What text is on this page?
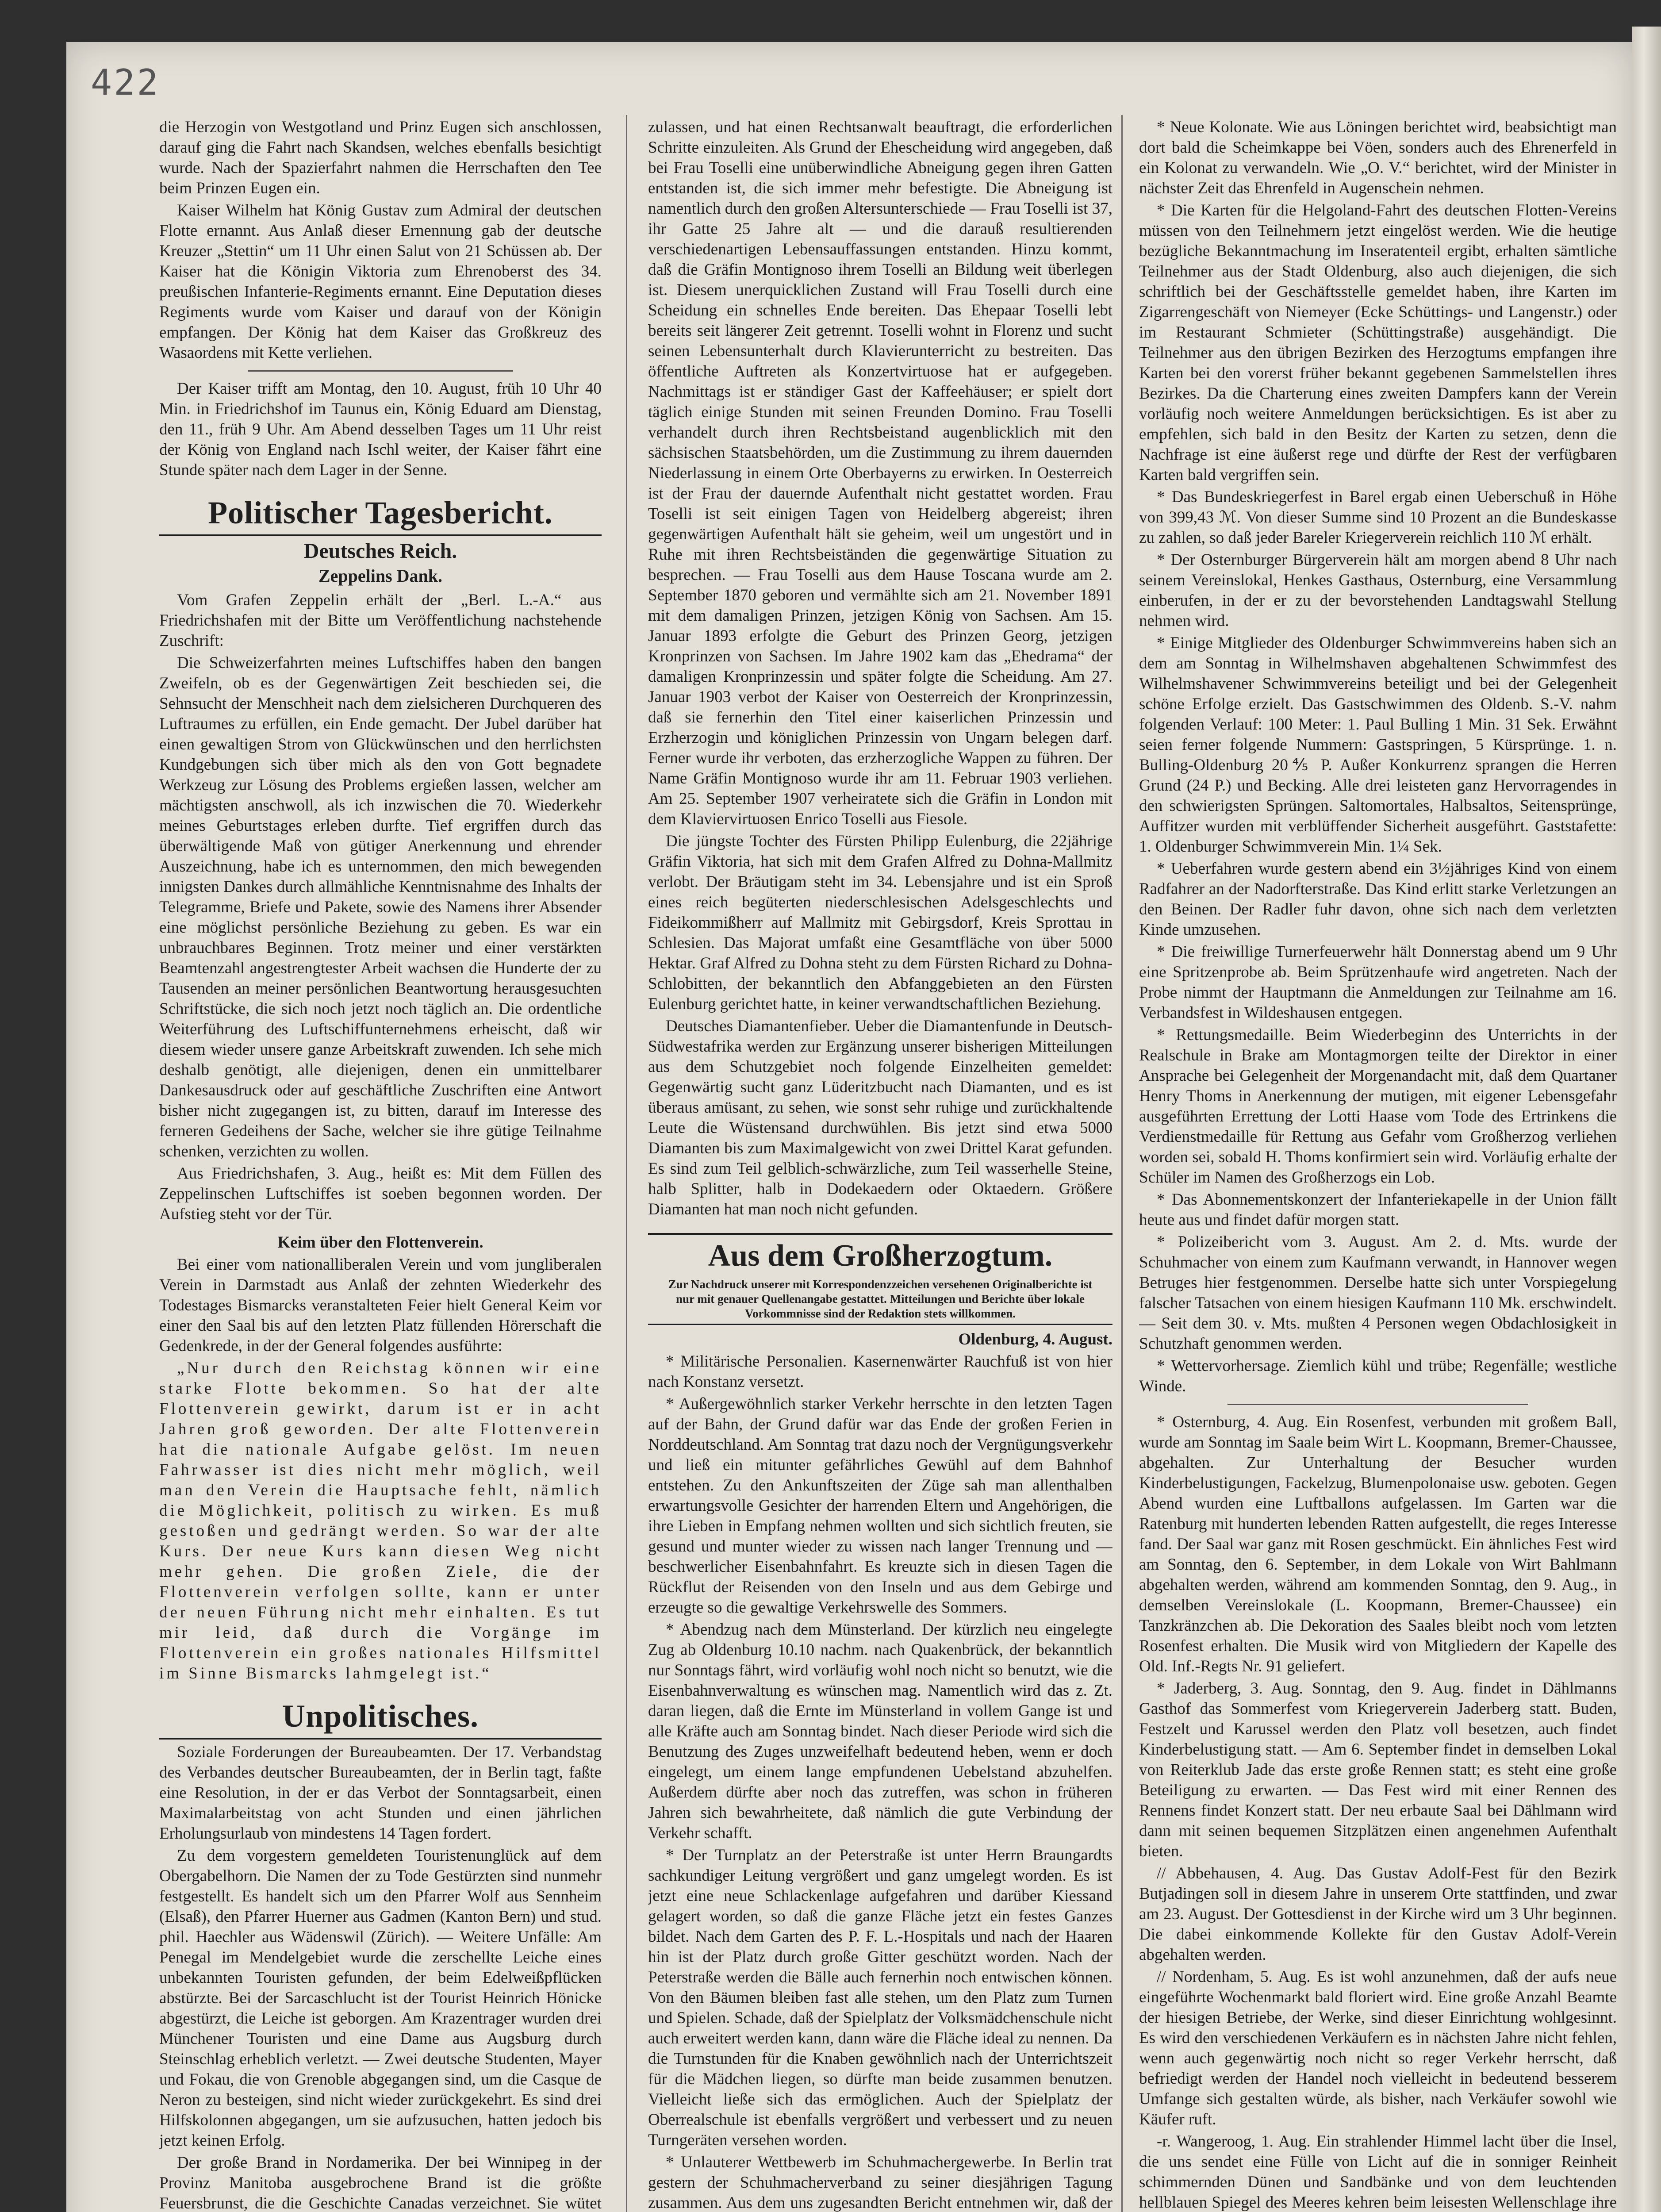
422

die Herzogin von Westgotland und Prinz Eugen sich anschlossen, darauf ging die Fahrt nach Skandsen, welches ebenfalls besichtigt wurde. Nach der Spazierfahrt nahmen die Herrschaften den Tee beim Prinzen Eugen ein.

Kaiser Wilhelm hat König Gustav zum Admiral der deutschen Flotte ernannt. Aus Anlaß dieser Ernennung gab der deutsche Kreuzer „Stettin“ um 11 Uhr einen Salut von 21 Schüssen ab. Der Kaiser hat die Königin Viktoria zum Ehrenoberst des 34. preußischen Infanterie-Regiments ernannt. Eine Deputation dieses Regiments wurde vom Kaiser und darauf von der Königin empfangen. Der König hat dem Kaiser das Großkreuz des Wasaordens mit Kette verliehen.

Der Kaiser trifft am Montag, den 10. August, früh 10 Uhr 40 Min. in Friedrichshof im Taunus ein, König Eduard am Dienstag, den 11., früh 9 Uhr. Am Abend desselben Tages um 11 Uhr reist der König von England nach Ischl weiter, der Kaiser fährt eine Stunde später nach dem Lager in der Senne.

Politischer Tagesbericht.
Deutsches Reich.
Zeppelins Dank.

Vom Grafen Zeppelin erhält der „Berl. L.-A.“ aus Friedrichshafen mit der Bitte um Veröffentlichung nachstehende Zuschrift:

Die Schweizerfahrten meines Luftschiffes haben den bangen Zweifeln, ob es der Gegenwärtigen Zeit beschieden sei, die Sehnsucht der Menschheit nach dem zielsicheren Durchqueren des Luftraumes zu erfüllen, ein Ende gemacht. Der Jubel darüber hat einen gewaltigen Strom von Glückwünschen und den herrlichsten Kundgebungen sich über mich als den von Gott begnadete Werkzeug zur Lösung des Problems ergießen lassen, welcher am mächtigsten anschwoll, als ich inzwischen die 70. Wiederkehr meines Geburtstages erleben durfte. Tief ergriffen durch das überwältigende Maß von gütiger Anerkennung und ehrender Auszeichnung, habe ich es unternommen, den mich bewegenden innigsten Dankes durch allmähliche Kenntnisnahme des Inhalts der Telegramme, Briefe und Pakete, sowie des Namens ihrer Absender eine möglichst persönliche Beziehung zu geben. Es war ein unbrauchbares Beginnen. Trotz meiner und einer verstärkten Beamtenzahl angestrengtester Arbeit wachsen die Hunderte der zu Tausenden an meiner persönlichen Beantwortung herausgesuchten Schriftstücke, die sich noch jetzt noch täglich an. Die ordentliche Weiterführung des Luftschiffunternehmens erheischt, daß wir diesem wieder unsere ganze Arbeitskraft zuwenden. Ich sehe mich deshalb genötigt, alle diejenigen, denen ein unmittelbarer Dankesausdruck oder auf geschäftliche Zuschriften eine Antwort bisher nicht zugegangen ist, zu bitten, darauf im Interesse des ferneren Gedeihens der Sache, welcher sie ihre gütige Teilnahme schenken, verzichten zu wollen.

Aus Friedrichshafen, 3. Aug., heißt es: Mit dem Füllen des Zeppelinschen Luftschiffes ist soeben begonnen worden. Der Aufstieg steht vor der Tür.

Keim über den Flottenverein.

Bei einer vom nationalliberalen Verein und vom jungliberalen Verein in Darmstadt aus Anlaß der zehnten Wiederkehr des Todestages Bismarcks veranstalteten Feier hielt General Keim vor einer den Saal bis auf den letzten Platz füllenden Hörerschaft die Gedenkrede, in der der General folgendes ausführte:

„Nur durch den Reichstag können wir eine starke Flotte bekommen. So hat der alte Flottenverein gewirkt, darum ist er in acht Jahren groß geworden. Der alte Flottenverein hat die nationale Aufgabe gelöst. Im neuen Fahrwasser ist dies nicht mehr möglich, weil man den Verein die Hauptsache fehlt, nämlich die Möglichkeit, politisch zu wirken. Es muß gestoßen und gedrängt werden. So war der alte Kurs. Der neue Kurs kann diesen Weg nicht mehr gehen. Die großen Ziele, die der Flottenverein verfolgen sollte, kann er unter der neuen Führung nicht mehr einhalten. Es tut mir leid, daß durch die Vorgänge im Flottenverein ein großes nationales Hilfsmittel im Sinne Bismarcks lahmgelegt ist.“

Unpolitisches.

Soziale Forderungen der Bureaubeamten. Der 17. Verbandstag des Verbandes deutscher Bureaubeamten, der in Berlin tagt, faßte eine Resolution, in der er das Verbot der Sonntagsarbeit, einen Maximalarbeitstag von acht Stunden und einen jährlichen Erholungsurlaub von mindestens 14 Tagen fordert.

Zu dem vorgestern gemeldeten Touristenunglück auf dem Obergabelhorn. Die Namen der zu Tode Gestürzten sind nunmehr festgestellt. Es handelt sich um den Pfarrer Wolf aus Sennheim (Elsaß), den Pfarrer Huerner aus Gadmen (Kanton Bern) und stud. phil. Haechler aus Wädenswil (Zürich). — Weitere Unfälle: Am Penegal im Mendelgebiet wurde die zerschellte Leiche eines unbekannten Touristen gefunden, der beim Edelweißpflücken abstürzte. Bei der Sarcaschlucht ist der Tourist Heinrich Hönicke abgestürzt, die Leiche ist geborgen. Am Krazentrager wurden drei Münchener Touristen und eine Dame aus Augsburg durch Steinschlag erheblich verletzt. — Zwei deutsche Studenten, Mayer und Fokau, die von Grenoble abgegangen sind, um die Casque de Neron zu besteigen, sind nicht wieder zurückgekehrt. Es sind drei Hilfskolonnen abgegangen, um sie aufzusuchen, hatten jedoch bis jetzt keinen Erfolg.

Der große Brand in Nordamerika. Der bei Winnipeg in der Provinz Manitoba ausgebrochene Brand ist die größte Feuersbrunst, die die Geschichte Canadas verzeichnet. Sie wütet

zulassen, und hat einen Rechtsanwalt beauftragt, die erforderlichen Schritte einzuleiten. Als Grund der Ehescheidung wird angegeben, daß bei Frau Toselli eine unüberwindliche Abneigung gegen ihren Gatten entstanden ist, die sich immer mehr befestigte. Die Abneigung ist namentlich durch den großen Altersunterschiede — Frau Toselli ist 37, ihr Gatte 25 Jahre alt — und die darauß resultierenden verschiedenartigen Lebensauffassungen entstanden. Hinzu kommt, daß die Gräfin Montignoso ihrem Toselli an Bildung weit überlegen ist. Diesem unerquicklichen Zustand will Frau Toselli durch eine Scheidung ein schnelles Ende bereiten. Das Ehepaar Toselli lebt bereits seit längerer Zeit getrennt. Toselli wohnt in Florenz und sucht seinen Lebensunterhalt durch Klavierunterricht zu bestreiten. Das öffentliche Auftreten als Konzertvirtuose hat er aufgegeben. Nachmittags ist er ständiger Gast der Kaffeehäuser; er spielt dort täglich einige Stunden mit seinen Freunden Domino. Frau Toselli verhandelt durch ihren Rechtsbeistand augenblicklich mit den sächsischen Staatsbehörden, um die Zustimmung zu ihrem dauernden Niederlassung in einem Orte Oberbayerns zu erwirken. In Oesterreich ist der Frau der dauernde Aufenthalt nicht gestattet worden. Frau Toselli ist seit einigen Tagen von Heidelberg abgereist; ihren gegenwärtigen Aufenthalt hält sie geheim, weil um ungestört und in Ruhe mit ihren Rechtsbeiständen die gegenwärtige Situation zu besprechen. — Frau Toselli aus dem Hause Toscana wurde am 2. September 1870 geboren und vermählte sich am 21. November 1891 mit dem damaligen Prinzen, jetzigen König von Sachsen. Am 15. Januar 1893 erfolgte die Geburt des Prinzen Georg, jetzigen Kronprinzen von Sachsen. Im Jahre 1902 kam das „Ehedrama“ der damaligen Kronprinzessin und später folgte die Scheidung. Am 27. Januar 1903 verbot der Kaiser von Oesterreich der Kronprinzessin, daß sie fernerhin den Titel einer kaiserlichen Prinzessin und Erzherzogin und königlichen Prinzessin von Ungarn belegen darf. Ferner wurde ihr verboten, das erzherzogliche Wappen zu führen. Der Name Gräfin Montignoso wurde ihr am 11. Februar 1903 verliehen. Am 25. September 1907 verheiratete sich die Gräfin in London mit dem Klaviervirtuosen Enrico Toselli aus Fiesole.

Die jüngste Tochter des Fürsten Philipp Eulenburg, die 22jährige Gräfin Viktoria, hat sich mit dem Grafen Alfred zu Dohna-Mallmitz verlobt. Der Bräutigam steht im 34. Lebensjahre und ist ein Sproß eines reich begüterten niederschlesischen Adelsgeschlechts und Fideikommißherr auf Mallmitz mit Gebirgsdorf, Kreis Sprottau in Schlesien. Das Majorat umfaßt eine Gesamtfläche von über 5000 Hektar. Graf Alfred zu Dohna steht zu dem Fürsten Richard zu Dohna-Schlobitten, der bekanntlich den Abfanggebieten an den Fürsten Eulenburg gerichtet hatte, in keiner verwandtschaftlichen Beziehung.

Deutsches Diamantenfieber. Ueber die Diamantenfunde in Deutsch-Südwestafrika werden zur Ergänzung unserer bisherigen Mitteilungen aus dem Schutzgebiet noch folgende Einzelheiten gemeldet: Gegenwärtig sucht ganz Lüderitzbucht nach Diamanten, und es ist überaus amüsant, zu sehen, wie sonst sehr ruhige und zurückhaltende Leute die Wüstensand durchwühlen. Bis jetzt sind etwa 5000 Diamanten bis zum Maximalgewicht von zwei Drittel Karat gefunden. Es sind zum Teil gelblich-schwärzliche, zum Teil wasserhelle Steine, halb Splitter, halb in Dodekaedern oder Oktaedern. Größere Diamanten hat man noch nicht gefunden.

Aus dem Großherzogtum.
Zur Nachdruck unserer mit Korrespondenzzeichen versehenen Originalberichte ist nur mit genauer Quellenangabe gestattet. Mitteilungen und Berichte über lokale Vorkommnisse sind der Redaktion stets willkommen.
Oldenburg, 4. August.

* Militärische Personalien. Kasernenwärter Rauchfuß ist von hier nach Konstanz versetzt.

* Außergewöhnlich starker Verkehr herrschte in den letzten Tagen auf der Bahn, der Grund dafür war das Ende der großen Ferien in Norddeutschland. Am Sonntag trat dazu noch der Vergnügungsverkehr und ließ ein mitunter gefährliches Gewühl auf dem Bahnhof entstehen. Zu den Ankunftszeiten der Züge sah man allenthalben erwartungsvolle Gesichter der harrenden Eltern und Angehörigen, die ihre Lieben in Empfang nehmen wollten und sich sichtlich freuten, sie gesund und munter wieder zu wissen nach langer Trennung und — beschwerlicher Eisenbahnfahrt. Es kreuzte sich in diesen Tagen die Rückflut der Reisenden von den Inseln und aus dem Gebirge und erzeugte so die gewaltige Verkehrswelle des Sommers.

* Abendzug nach dem Münsterland. Der kürzlich neu eingelegte Zug ab Oldenburg 10.10 nachm. nach Quakenbrück, der bekanntlich nur Sonntags fährt, wird vorläufig wohl noch nicht so benutzt, wie die Eisenbahnverwaltung es wünschen mag. Namentlich wird das z. Zt. daran liegen, daß die Ernte im Münsterland in vollem Gange ist und alle Kräfte auch am Sonntag bindet. Nach dieser Periode wird sich die Benutzung des Zuges unzweifelhaft bedeutend heben, wenn er doch eingelegt, um einem lange empfundenen Uebelstand abzuhelfen. Außerdem dürfte aber noch das zutreffen, was schon in früheren Jahren sich bewahrheitete, daß nämlich die gute Verbindung der Verkehr schafft.

* Der Turnplatz an der Peterstraße ist unter Herrn Braungardts sachkundiger Leitung vergrößert und ganz umgelegt worden. Es ist jetzt eine neue Schlackenlage aufgefahren und darüber Kiessand gelagert worden, so daß die ganze Fläche jetzt ein festes Ganzes bildet. Nach dem Garten des P. F. L.-Hospitals und nach der Haaren hin ist der Platz durch große Gitter geschützt worden. Nach der Peterstraße werden die Bälle auch fernerhin noch entwischen können. Von den Bäumen bleiben fast alle stehen, um den Platz zum Turnen und Spielen. Schade, daß der Spielplatz der Volksmädchenschule nicht auch erweitert werden kann, dann wäre die Fläche ideal zu nennen. Da die Turnstunden für die Knaben gewöhnlich nach der Unterrichtszeit für die Mädchen liegen, so dürfte man beide zusammen benutzen. Vielleicht ließe sich das ermöglichen. Auch der Spielplatz der Oberrealschule ist ebenfalls vergrößert und verbessert und zu neuen Turngeräten versehen worden.

* Unlauterer Wettbewerb im Schuhmachergewerbe. In Berlin trat gestern der Schuhmacherverband zu seiner diesjährigen Tagung zusammen. Aus dem uns zugesandten Bericht entnehmen wir, daß der

* Neue Kolonate. Wie aus Löningen berichtet wird, beabsichtigt man dort bald die Scheimkappe bei Vöen, sonders auch des Ehrenerfeld in ein Kolonat zu verwandeln. Wie „O. V.“ berichtet, wird der Minister in nächster Zeit das Ehrenfeld in Augenschein nehmen.

* Die Karten für die Helgoland-Fahrt des deutschen Flotten-Vereins müssen von den Teilnehmern jetzt eingelöst werden. Wie die heutige bezügliche Bekanntmachung im Inseratenteil ergibt, erhalten sämtliche Teilnehmer aus der Stadt Oldenburg, also auch diejenigen, die sich schriftlich bei der Geschäftsstelle gemeldet haben, ihre Karten im Zigarrengeschäft von Niemeyer (Ecke Schüttings- und Langenstr.) oder im Restaurant Schmieter (Schüttingstraße) ausgehändigt. Die Teilnehmer aus den übrigen Bezirken des Herzogtums empfangen ihre Karten bei den vorerst früher bekannt gegebenen Sammelstellen ihres Bezirkes. Da die Charterung eines zweiten Dampfers kann der Verein vorläufig noch weitere Anmeldungen berücksichtigen. Es ist aber zu empfehlen, sich bald in den Besitz der Karten zu setzen, denn die Nachfrage ist eine äußerst rege und dürfte der Rest der verfügbaren Karten bald vergriffen sein.

* Das Bundeskriegerfest in Barel ergab einen Ueberschuß in Höhe von 399,43 ℳ. Von dieser Summe sind 10 Prozent an die Bundeskasse zu zahlen, so daß jeder Bareler Kriegerverein reichlich 110 ℳ erhält.

* Der Osternburger Bürgerverein hält am morgen abend 8 Uhr nach seinem Vereinslokal, Henkes Gasthaus, Osternburg, eine Versammlung einberufen, in der er zu der bevorstehenden Landtagswahl Stellung nehmen wird.

* Einige Mitglieder des Oldenburger Schwimmvereins haben sich an dem am Sonntag in Wilhelmshaven abgehaltenen Schwimmfest des Wilhelmshavener Schwimmvereins beteiligt und bei der Gelegenheit schöne Erfolge erzielt. Das Gastschwimmen des Oldenb. S.-V. nahm folgenden Verlauf: 100 Meter: 1. Paul Bulling 1 Min. 31 Sek. Erwähnt seien ferner folgende Nummern: Gastspringen, 5 Kürsprünge. 1. n. Bulling-Oldenburg 20⅘ P. Außer Konkurrenz sprangen die Herren Grund (24 P.) und Becking. Alle drei leisteten ganz Hervorragendes in den schwierigsten Sprüngen. Saltomortales, Halbsaltos, Seitensprünge, Auffitzer wurden mit verblüffender Sicherheit ausgeführt. Gaststafette: 1. Oldenburger Schwimmverein Min. 1¼ Sek.

* Ueberfahren wurde gestern abend ein 3½jähriges Kind von einem Radfahrer an der Nadorfterstraße. Das Kind erlitt starke Verletzungen an den Beinen. Der Radler fuhr davon, ohne sich nach dem verletzten Kinde umzusehen.

* Die freiwillige Turnerfeuerwehr hält Donnerstag abend um 9 Uhr eine Spritzenprobe ab. Beim Sprützenhaufe wird angetreten. Nach der Probe nimmt der Hauptmann die Anmeldungen zur Teilnahme am 16. Verbandsfest in Wildeshausen entgegen.

* Rettungsmedaille. Beim Wiederbeginn des Unterrichts in der Realschule in Brake am Montagmorgen teilte der Direktor in einer Ansprache bei Gelegenheit der Morgenandacht mit, daß dem Quartaner Henry Thoms in Anerkennung der mutigen, mit eigener Lebensgefahr ausgeführten Errettung der Lotti Haase vom Tode des Ertrinkens die Verdienstmedaille für Rettung aus Gefahr vom Großherzog verliehen worden sei, sobald H. Thoms konfirmiert sein wird. Vorläufig erhalte der Schüler im Namen des Großherzogs ein Lob.

* Das Abonnementskonzert der Infanteriekapelle in der Union fällt heute aus und findet dafür morgen statt.

* Polizeibericht vom 3. August. Am 2. d. Mts. wurde der Schuhmacher von einem zum Kaufmann verwandt, in Hannover wegen Betruges hier festgenommen. Derselbe hatte sich unter Vorspiegelung falscher Tatsachen von einem hiesigen Kaufmann 110 Mk. erschwindelt. — Seit dem 30. v. Mts. mußten 4 Personen wegen Obdachlosigkeit in Schutzhaft genommen werden.

* Wettervorhersage. Ziemlich kühl und trübe; Regenfälle; westliche Winde.

* Osternburg, 4. Aug. Ein Rosenfest, verbunden mit großem Ball, wurde am Sonntag im Saale beim Wirt L. Koopmann, Bremer-Chaussee, abgehalten. Zur Unterhaltung der Besucher wurden Kinderbelustigungen, Fackelzug, Blumenpolonaise usw. geboten. Gegen Abend wurden eine Luftballons aufgelassen. Im Garten war die Ratenburg mit hunderten lebenden Ratten aufgestellt, die reges Interesse fand. Der Saal war ganz mit Rosen geschmückt. Ein ähnliches Fest wird am Sonntag, den 6. September, in dem Lokale von Wirt Bahlmann abgehalten werden, während am kommenden Sonntag, den 9. Aug., in demselben Vereinslokale (L. Koopmann, Bremer-Chaussee) ein Tanzkränzchen ab. Die Dekoration des Saales bleibt noch vom letzten Rosenfest erhalten. Die Musik wird von Mitgliedern der Kapelle des Old. Inf.-Regts Nr. 91 geliefert.

* Jaderberg, 3. Aug. Sonntag, den 9. Aug. findet in Dählmanns Gasthof das Sommerfest vom Kriegerverein Jaderberg statt. Buden, Festzelt und Karussel werden den Platz voll besetzen, auch findet Kinderbelustigung statt. — Am 6. September findet in demselben Lokal von Reiterklub Jade das erste große Rennen statt; es steht eine große Beteiligung zu erwarten. — Das Fest wird mit einer Rennen des Rennens findet Konzert statt. Der neu erbaute Saal bei Dählmann wird dann mit seinen bequemen Sitzplätzen einen angenehmen Aufenthalt bieten.

// Abbehausen, 4. Aug. Das Gustav Adolf-Fest für den Bezirk Butjadingen soll in diesem Jahre in unserem Orte stattfinden, und zwar am 23. August. Der Gottesdienst in der Kirche wird um 3 Uhr beginnen. Die dabei einkommende Kollekte für den Gustav Adolf-Verein abgehalten werden.

// Nordenham, 5. Aug. Es ist wohl anzunehmen, daß der aufs neue eingeführte Wochenmarkt bald floriert wird. Eine große Anzahl Beamte der hiesigen Betriebe, der Werke, sind dieser Einrichtung wohlgesinnt. Es wird den verschiedenen Verkäufern es in nächsten Jahre nicht fehlen, wenn auch gegenwärtig noch nicht so reger Verkehr herrscht, daß befriedigt werden der Handel noch vielleicht in bedeutend besserem Umfange sich gestalten würde, als bisher, nach Verkäufer sowohl wie Käufer ruft.

-r. Wangeroog, 1. Aug. Ein strahlender Himmel lacht über die Insel, die uns sendet eine Fülle von Licht auf die in sonniger Reinheit schimmernden Dünen und Sandbänke und von dem leuchtenden hellblauen Spiegel des Meeres kehren beim leisesten Wellenschlage ihre
